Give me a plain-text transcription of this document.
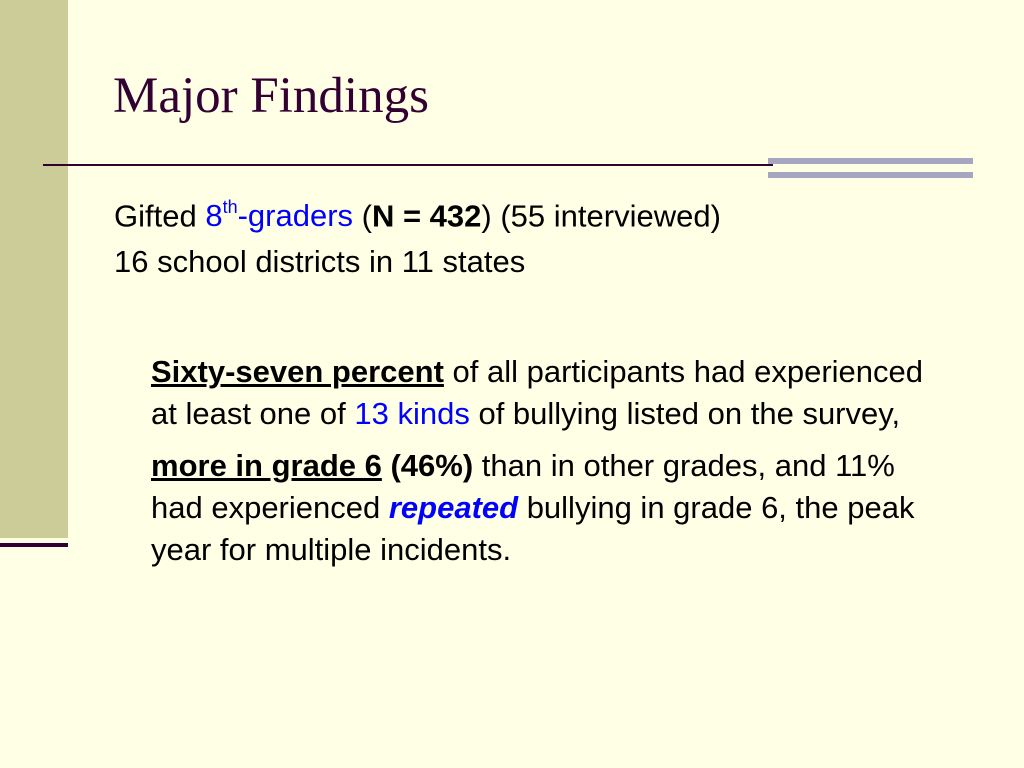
Major Findings

Gifted 8th-graders (N = 432) (55 interviewed)

16 school districts in 11 states

Sixty-seven percent of all participants had experienced at least one of 13 kinds of bullying listed on the survey,

more in grade 6 (46%) than in other grades, and 11% had experienced repeated bullying in grade 6, the peak year for multiple incidents.
